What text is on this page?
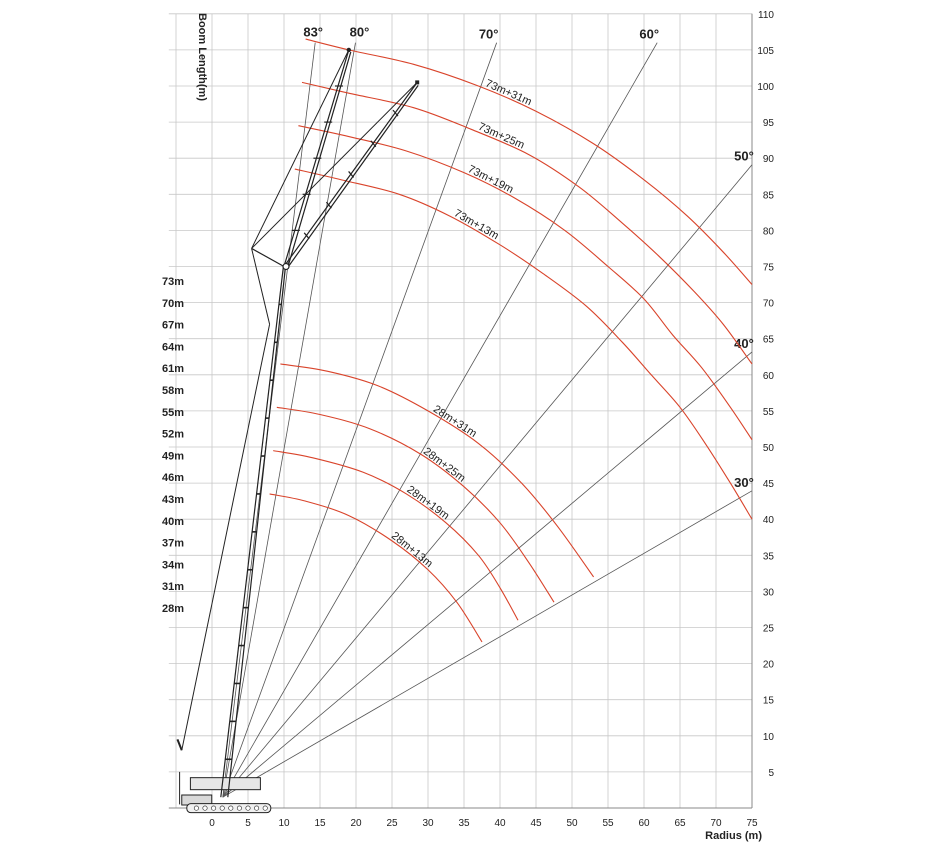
0	5	10 15 20 25 30 35 40 45 50 55 60 65 70 75
5
10
15
20
25
30
35
40
45
50
55
60
65
70
75
80
85
90
95
100
105
110
83° 80°	70°	60°
50°
40°
30°
73m+31m
73m+25m
73m+19m
73m+13m
28m+31m
28m+25m
28m+19m
28m+13m
Radius (m)
Boom Length(m)
73m
70m
67m
64m
61m
58m
55m
52m
49m
46m
43m
40m
37m
34m
31m
28m
